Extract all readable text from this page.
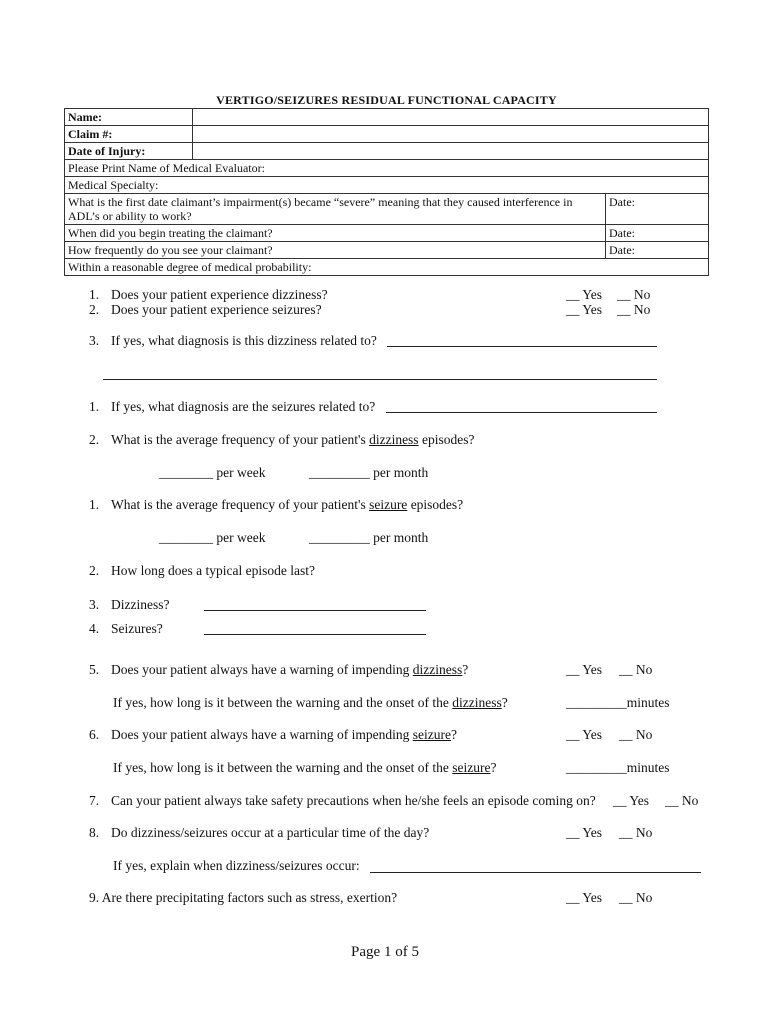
VERTIGO/SEIZURES RESIDUAL FUNCTIONAL CAPACITY
Name:		
Claim #:		
Date of Injury:		
Please Print Name of Medical Evaluator:		
Medical Specialty:		
What is the first date claimant’s impairment(s) became “severe” meaning that they caused interference in ADL’s or ability to work?		Date:
When did you begin treating the claimant?		Date:
How frequently do you see your claimant?		Date:
Within a reasonable degree of medical probability:		
1. Does your patient experience dizziness?	__ Yes __ No
2. Does your patient experience seizures?	__ Yes __ No
3. If yes, what diagnosis is this dizziness related to?
1. If yes, what diagnosis are the seizures related to?
2. What is the average frequency of your patient's dizziness episodes?
________ per week	_________ per month
1. What is the average frequency of your patient's seizure episodes?
________ per week	_________ per month
2. How long does a typical episode last?
3. Dizziness?
4. Seizures?
5. Does your patient always have a warning of impending dizziness?	__ Yes __ No
If yes, how long is it between the warning and the onset of the dizziness?	_________minutes
6. Does your patient always have a warning of impending seizure?	__ Yes __ No
If yes, how long is it between the warning and the onset of the seizure?	_________minutes
7. Can your patient always take safety precautions when he/she feels an episode coming on? __ Yes __ No
8. Do dizziness/seizures occur at a particular time of the day?	__ Yes __ No
If yes, explain when dizziness/seizures occur:
9. Are there precipitating factors such as stress, exertion?	__ Yes __ No
Page 1 of 5
